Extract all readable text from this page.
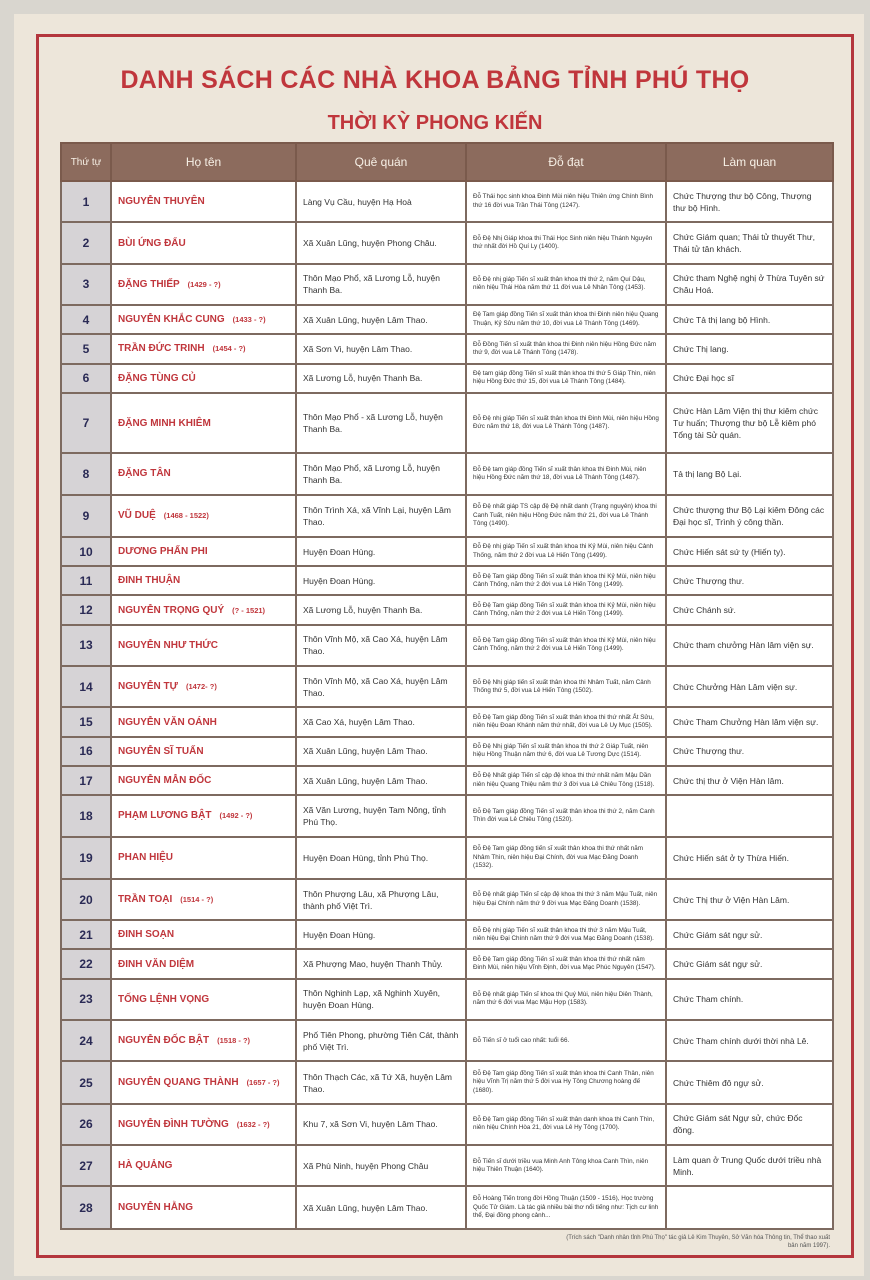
DANH SÁCH CÁC NHÀ KHOA BẢNG TỈNH PHÚ THỌ
THỜI KỲ PHONG KIẾN
Thứ tự	Họ tên	Quê quán	Đỗ đạt	Làm quan
1	NGUYỄN THUYÊN	Làng Vụ Cầu, huyện Hạ Hoà	Đỗ Thái học sinh khoa Đinh Mùi niên hiệu Thiên ứng Chính Bình thứ 16 đời vua Trần Thái Tông (1247).	Chức Thượng thư bộ Công, Thượng thư bộ Hình.
2	BÙI ỨNG ĐẨU	Xã Xuân Lũng, huyện Phong Châu.	Đỗ Đệ Nhị Giáp khoa thi Thái Học Sinh niên hiệu Thánh Nguyên thứ nhất đời Hồ Quí Ly (1400).	Chức Giám quan; Thái tử thuyết Thư, Thái tử tân khách.
3	ĐẶNG THIẾP (1429 - ?)	Thôn Mạo Phổ, xã Lương Lỗ, huyện Thanh Ba.	Đỗ Đệ nhị giáp Tiến sĩ xuất thân khoa thi thứ 2, năm Quí Dậu, niên hiệu Thái Hòa năm thứ 11 đời vua Lê Nhân Tông (1453).	Chức tham Nghệ nghị ở Thừa Tuyên sứ Châu Hoá.
4	NGUYỄN KHẮC CUNG (1433 - ?)	Xã Xuân Lũng, huyện Lâm Thao.	Đệ Tam giáp đồng Tiến sĩ xuất thân khoa thi Đinh niên hiệu Quang Thuận, Kỷ Sửu năm thứ 10, đời vua Lê Thánh Tông (1469).	Chức Tả thị lang bộ Hình.
5	TRẦN ĐỨC TRINH (1454 - ?)	Xã Sơn Vi, huyện Lâm Thao.	Đỗ Đồng Tiến sĩ xuất thân khoa thi Đinh niên hiệu Hồng Đức năm thứ 9, đời vua Lê Thánh Tông (1478).	Chức Thị lang.
6	ĐẶNG TÙNG CỦ	Xã Lương Lỗ, huyện Thanh Ba.	Đệ tam giáp đồng Tiến sĩ xuất thân khoa thi thứ 5 Giáp Thìn, niên hiệu Hồng Đức thứ 15, đời vua Lê Thánh Tông (1484).	Chức Đại học sĩ
7	ĐẶNG MINH KHIÊM	Thôn Mạo Phổ - xã Lương Lỗ, huyện Thanh Ba.	Đỗ Đệ nhị giáp Tiến sĩ xuất thân khoa thi Đinh Mùi, niên hiệu Hồng Đức năm thứ 18, đời vua Lê Thánh Tông (1487).	Chức Hàn Lâm Viện thị thư kiêm chức Tư huấn; Thượng thư bộ Lễ kiêm phó Tổng tài Sử quán.
8	ĐẶNG TÂN	Thôn Mạo Phổ, xã Lương Lỗ, huyện Thanh Ba.	Đỗ Đệ tam giáp đồng Tiến sĩ xuất thân khoa thi Đinh Mùi, niên hiệu Hồng Đức năm thứ 18, đời vua Lê Thánh Tông (1487).	Tả thị lang Bộ Lại.
9	VŨ DUỆ (1468 - 1522)	Thôn Trình Xá, xã Vĩnh Lại, huyện Lâm Thao.	Đỗ Đệ nhất giáp TS cập đệ Đệ nhất danh (Trạng nguyên) khoa thi Canh Tuất, niên hiệu Hồng Đức năm thứ 21, đời vua Lê Thánh Tông (1490).	Chức thượng thư Bộ Lại kiêm Đông các Đại học sĩ, Trình ý công thần.
10	DƯƠNG PHẤN PHI	Huyện Đoan Hùng.	Đỗ Đệ nhị giáp Tiến sĩ xuất thân khoa thi Kỷ Mùi, niên hiệu Cảnh Thống, năm thứ 2 đời vua Lê Hiến Tông (1499).	Chức Hiến sát sứ ty (Hiến ty).
11	ĐINH THUẬN	Huyện Đoan Hùng.	Đỗ Đệ Tam giáp đồng Tiến sĩ xuất thân khoa thi Kỷ Mùi, niên hiệu Cảnh Thống, năm thứ 2 đời vua Lê Hiến Tông (1499).	Chức Thượng thư.
12	NGUYỄN TRỌNG QUÝ (? - 1521)	Xã Lương Lỗ, huyện Thanh Ba.	Đỗ Đệ Tam giáp đồng Tiến sĩ xuất thân khoa thi Kỷ Mùi, niên hiệu Cảnh Thống, năm thứ 2 đời vua Lê Hiến Tông (1499).	Chức Chánh sứ.
13	NGUYỄN NHƯ THỨC	Thôn Vĩnh Mộ, xã Cao Xá, huyện Lâm Thao.	Đỗ Đệ Tam giáp đồng Tiến sĩ xuất thân khoa thi Kỷ Mùi, niên hiệu Cảnh Thống, năm thứ 2 đời vua Lê Hiến Tông (1499).	Chức tham chưởng Hàn lâm viện sự.
14	NGUYỄN TỰ (1472- ?)	Thôn Vĩnh Mộ, xã Cao Xá, huyện Lâm Thao.	Đỗ Đệ Nhị giáp tiến sĩ xuất thân khoa thi Nhâm Tuất, năm Cảnh Thống thứ 5, đời vua Lê Hiến Tông (1502).	Chức Chưởng Hàn Lâm viện sự.
15	NGUYỄN VĂN OÁNH	Xã Cao Xá, huyện Lâm Thao.	Đỗ Đệ Tam giáp đồng Tiến sĩ xuất thân khoa thi thứ nhất Ất Sửu, niên hiệu Đoan Khánh năm thứ nhất, đời vua Lê Uy Mục (1505).	Chức Tham Chưởng Hàn lâm viện sự.
16	NGUYỄN SĨ TUẤN	Xã Xuân Lũng, huyện Lâm Thao.	Đỗ Đệ Nhị giáp Tiến sĩ xuất thân khoa thi thứ 2 Giáp Tuất, niên hiệu Hồng Thuận năm thứ 6, đời vua Lê Tương Dực (1514).	Chức Thượng thư.
17	NGUYỄN MẪN ĐỐC	Xã Xuân Lũng, huyện Lâm Thao.	Đỗ Đệ Nhất giáp Tiến sĩ cập đệ khoa thi thứ nhất năm Mậu Dần niên hiệu Quang Thiệu năm thứ 3 đời vua Lê Chiêu Tông (1518).	Chức thị thư ở Viện Hàn lâm.
18	PHẠM LƯƠNG BẬT (1492 - ?)	Xã Văn Lương, huyện Tam Nông, tỉnh Phú Thọ.	Đỗ Đệ Tam giáp đồng Tiến sĩ xuất thân khoa thi thứ 2, năm Canh Thìn đời vua Lê Chiêu Tông (1520).	
19	PHAN HIỆU	Huyện Đoan Hùng, tỉnh Phú Thọ.	Đỗ Đệ Tam giáp đồng tiến sĩ xuất thân khoa thi thứ nhất năm Nhâm Thìn, niên hiệu Đại Chính, đời vua Mạc Đăng Doanh (1532).	Chức Hiến sát ở ty Thừa Hiến.
20	TRẦN TOẠI (1514 - ?)	Thôn Phượng Lâu, xã Phượng Lâu, thành phố Việt Trì.	Đỗ Đệ nhất giáp Tiến sĩ cập đệ khoa thi thứ 3 năm Mậu Tuất, niên hiệu Đại Chính năm thứ 9 đời vua Mạc Đăng Doanh (1538).	Chức Thị thư ở Viện Hàn Lâm.
21	ĐINH SOẠN	Huyện Đoan Hùng.	Đỗ Đệ nhị giáp Tiến sĩ xuất thân khoa thi thứ 3 năm Mậu Tuất, niên hiệu Đại Chính năm thứ 9 đời vua Mạc Đăng Doanh (1538).	Chức Giám sát ngự sử.
22	ĐINH VĂN DIỆM	Xã Phượng Mao, huyện Thanh Thủy.	Đỗ Đệ Tam giáp đồng Tiến sĩ xuất thân khoa thi thứ nhất năm Đinh Mùi, niên hiệu Vĩnh Định, đời vua Mạc Phúc Nguyên (1547).	Chức Giám sát ngự sử.
23	TỐNG LỆNH VỌNG	Thôn Nghinh Lạp, xã Nghinh Xuyên, huyện Đoan Hùng.	Đỗ Đệ nhất giáp Tiến sĩ khoa thi Quý Mùi, niên hiệu Diên Thành, năm thứ 6 đời vua Mạc Mậu Hợp (1583).	Chức Tham chính.
24	NGUYỄN ĐỐC BẬT (1518 - ?)	Phố Tiên Phong, phường Tiên Cát, thành phố Việt Trì.	Đỗ Tiến sĩ ở tuổi cao nhất: tuổi 66.	Chức Tham chính dưới thời nhà Lê.
25	NGUYỄN QUANG THÀNH (1657 - ?)	Thôn Thạch Các, xã Tứ Xã, huyện Lâm Thao.	Đỗ Đệ Tam giáp đồng Tiến sĩ xuất thân khoa thi Canh Thân, niên hiệu Vĩnh Trị năm thứ 5 đời vua Hy Tông Chương hoàng đế (1680).	Chức Thiêm đô ngự sử.
26	NGUYỄN ĐÌNH TƯỜNG (1632 - ?)	Khu 7, xã Sơn Vi, huyện Lâm Thao.	Đỗ Đệ Tam giáp đồng Tiến sĩ xuất thân danh khoa thi Canh Thìn, niên hiệu Chính Hòa 21, đời vua Lê Hy Tông (1700).	Chức Giám sát Ngự sử, chức Đốc đồng.
27	HÀ QUẢNG	Xã Phù Ninh, huyện Phong Châu	Đỗ Tiến sĩ dưới triều vua Minh Anh Tông khoa Canh Thìn, niên hiệu Thiên Thuận (1640).	Làm quan ở Trung Quốc dưới triều nhà Minh.
28	NGUYỄN HẰNG	Xã Xuân Lũng, huyện Lâm Thao.	Đỗ Hoàng Tiến trong đời Hồng Thuận (1509 - 1516), Học trường Quốc Tử Giám. Là tác giả nhiều bài thơ nổi tiếng như: Tịch cư linh thể, Đại đồng phong cảnh...	
(Trích sách "Danh nhân tỉnh Phú Thọ" tác giả Lê Kim Thuyên, Sở Văn hóa Thông tin, Thể thao xuất bản năm 1997).
